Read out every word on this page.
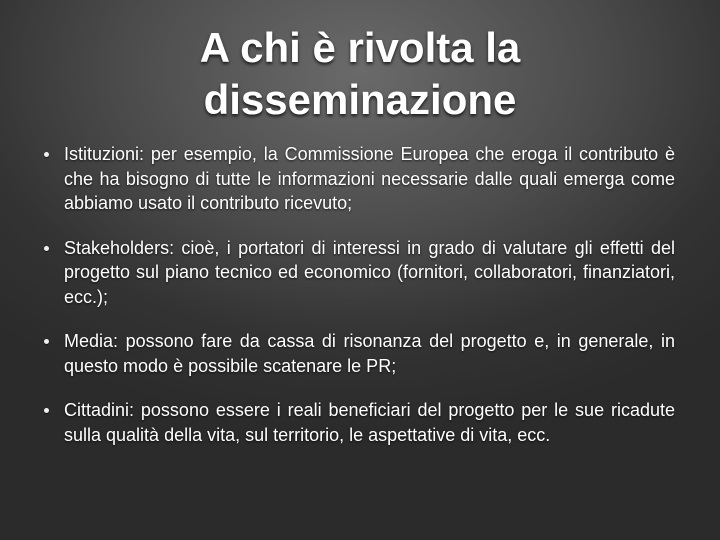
A chi è rivolta la disseminazione
Istituzioni: per esempio, la Commissione Europea che eroga il contributo è che ha bisogno di tutte le informazioni necessarie dalle quali emerga come abbiamo usato il contributo ricevuto;
Stakeholders: cioè, i portatori di interessi in grado di valutare gli effetti del progetto sul piano tecnico ed economico (fornitori, collaboratori, finanziatori, ecc.);
Media: possono fare da cassa di risonanza del progetto e, in generale, in questo modo è possibile scatenare le PR;
Cittadini: possono essere i reali beneficiari del progetto per le sue ricadute sulla qualità della vita, sul territorio, le aspettative di vita, ecc.
